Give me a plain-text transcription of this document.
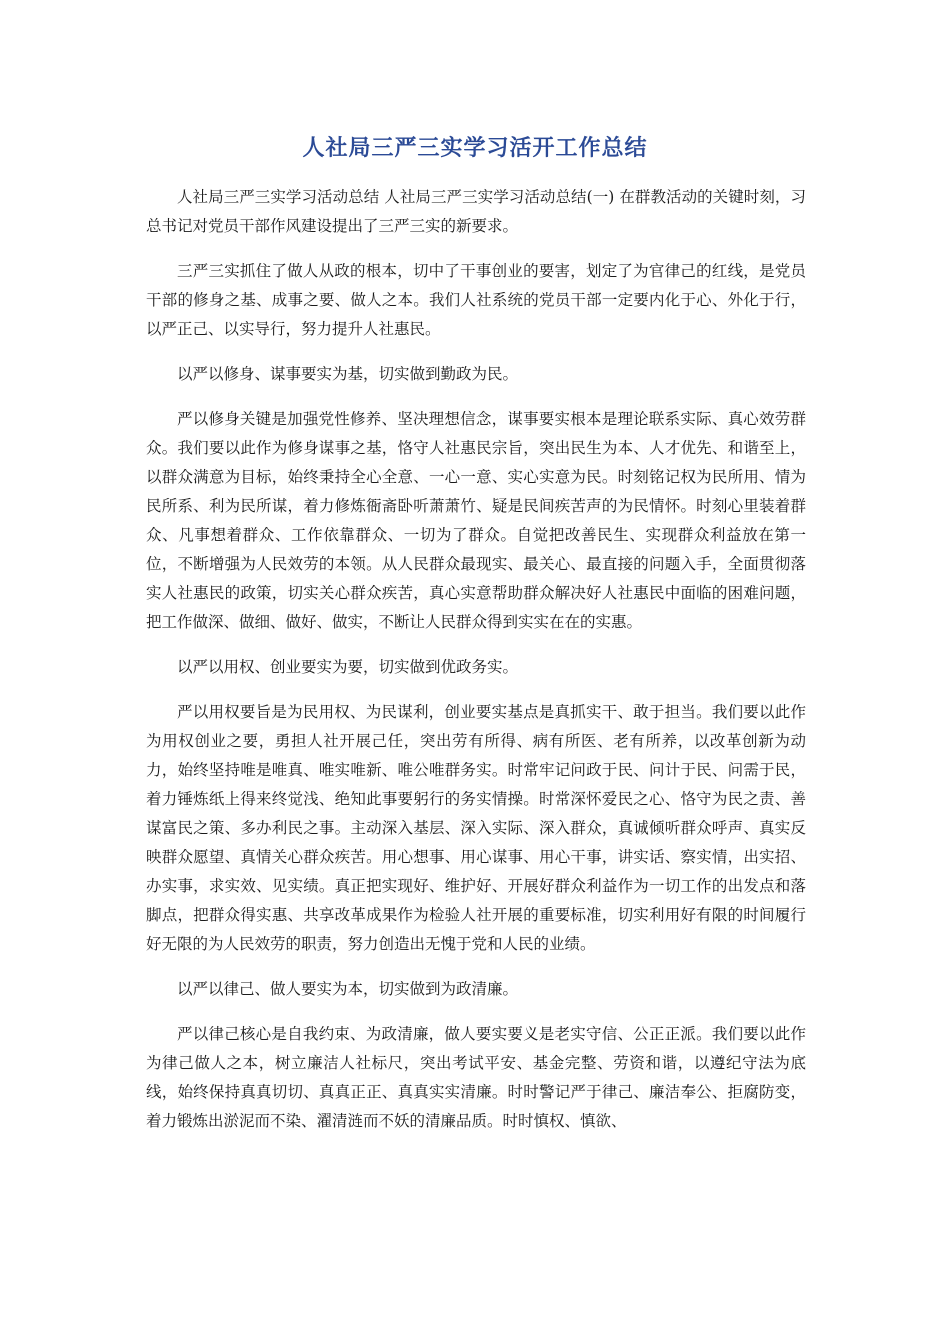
人社局三严三实学习活开工作总结

人社局三严三实学习活动总结 人社局三严三实学习活动总结(一) 在群教活动的关键时刻，习总书记对党员干部作风建设提出了三严三实的新要求。

三严三实抓住了做人从政的根本，切中了干事创业的要害，划定了为官律己的红线，是党员干部的修身之基、成事之要、做人之本。我们人社系统的党员干部一定要内化于心、外化于行，以严正己、以实导行，努力提升人社惠民。

以严以修身、谋事要实为基，切实做到勤政为民。

严以修身关键是加强党性修养、坚决理想信念，谋事要实根本是理论联系实际、真心效劳群众。我们要以此作为修身谋事之基，恪守人社惠民宗旨，突出民生为本、人才优先、和谐至上，以群众满意为目标，始终秉持全心全意、一心一意、实心实意为民。时刻铭记权为民所用、情为民所系、利为民所谋，着力修炼衙斋卧听萧萧竹、疑是民间疾苦声的为民情怀。时刻心里装着群众、凡事想着群众、工作依靠群众、一切为了群众。自觉把改善民生、实现群众利益放在第一位，不断增强为人民效劳的本领。从人民群众最现实、最关心、最直接的问题入手，全面贯彻落实人社惠民的政策，切实关心群众疾苦，真心实意帮助群众解决好人社惠民中面临的困难问题，把工作做深、做细、做好、做实，不断让人民群众得到实实在在的实惠。

以严以用权、创业要实为要，切实做到优政务实。

严以用权要旨是为民用权、为民谋利，创业要实基点是真抓实干、敢于担当。我们要以此作为用权创业之要，勇担人社开展己任，突出劳有所得、病有所医、老有所养，以改革创新为动力，始终坚持唯是唯真、唯实唯新、唯公唯群务实。时常牢记问政于民、问计于民、问需于民，着力锤炼纸上得来终觉浅、绝知此事要躬行的务实情操。时常深怀爱民之心、恪守为民之责、善谋富民之策、多办利民之事。主动深入基层、深入实际、深入群众，真诚倾听群众呼声、真实反映群众愿望、真情关心群众疾苦。用心想事、用心谋事、用心干事，讲实话、察实情，出实招、办实事，求实效、见实绩。真正把实现好、维护好、开展好群众利益作为一切工作的出发点和落脚点，把群众得实惠、共享改革成果作为检验人社开展的重要标准，切实利用好有限的时间履行好无限的为人民效劳的职责，努力创造出无愧于党和人民的业绩。

以严以律己、做人要实为本，切实做到为政清廉。

严以律己核心是自我约束、为政清廉，做人要实要义是老实守信、公正正派。我们要以此作为律己做人之本，树立廉洁人社标尺，突出考试平安、基金完整、劳资和谐，以遵纪守法为底线，始终保持真真切切、真真正正、真真实实清廉。时时警记严于律己、廉洁奉公、拒腐防变，着力锻炼出淤泥而不染、濯清涟而不妖的清廉品质。时时慎权、慎欲、
